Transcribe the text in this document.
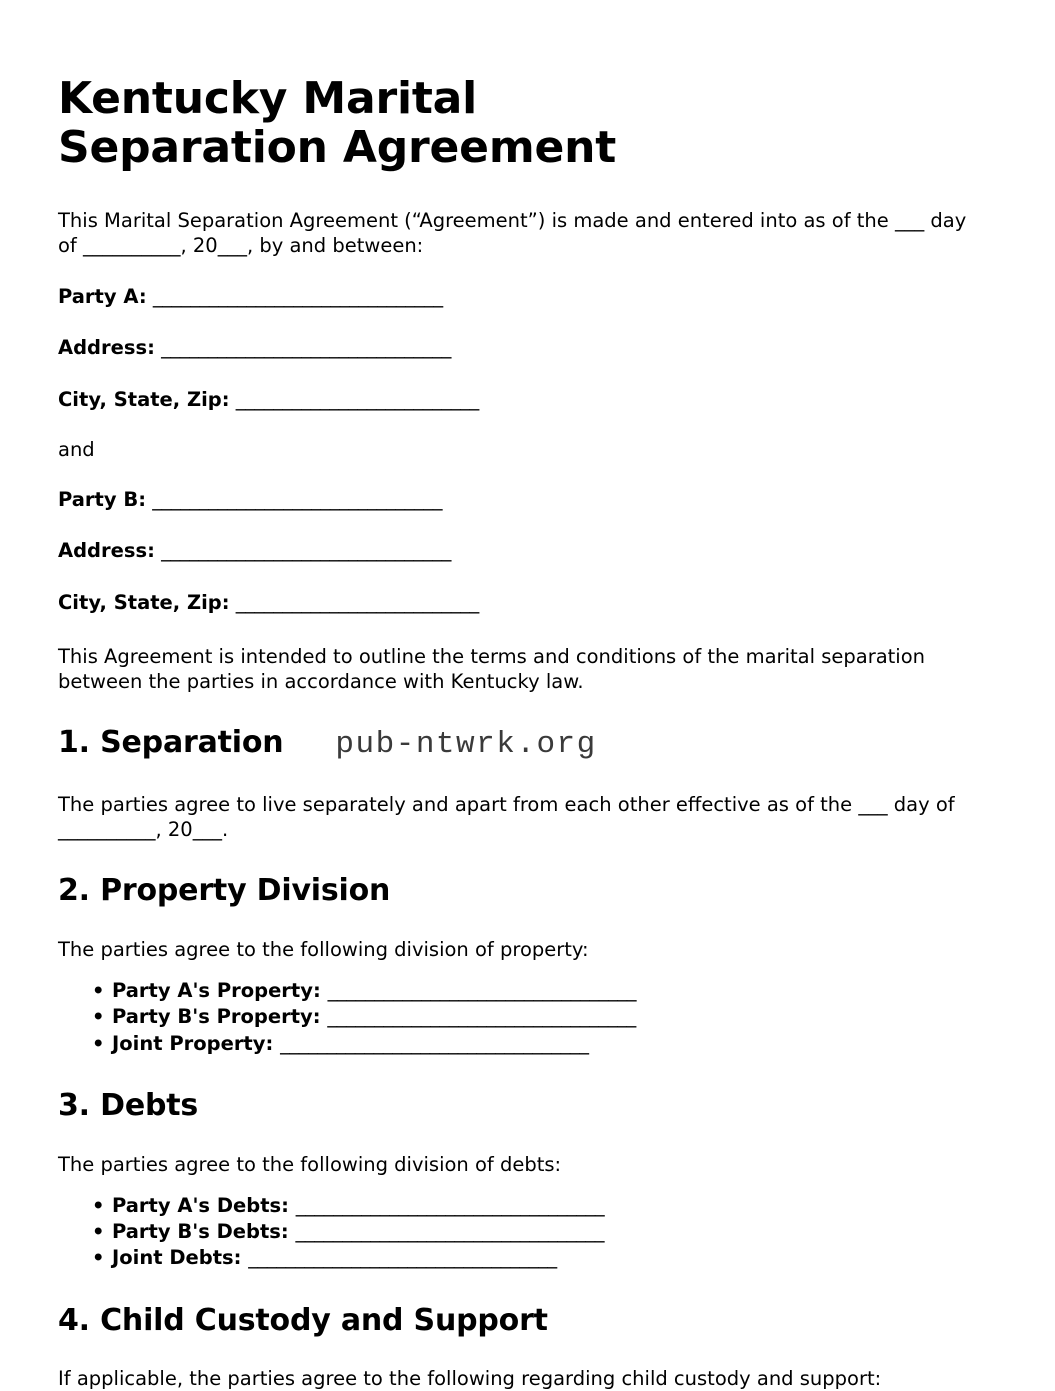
Kentucky Marital Separation Agreement

This Marital Separation Agreement (“Agreement”) is made and entered into as of the ___ day of __________, 20___, by and between:

Party A: _______________________________

Address: _______________________________

City, State, Zip: __________________________

and

Party B: _______________________________

Address: _______________________________

City, State, Zip: __________________________

This Agreement is intended to outline the terms and conditions of the marital separation between the parties in accordance with Kentucky law.

1. Separation pub-ntwrk.org

The parties agree to live separately and apart from each other effective as of the ___ day of __________, 20___.

2. Property Division

The parties agree to the following division of property:

• Party A's Property: _________________________________
• Party B's Property: _________________________________
• Joint Property: _________________________________
3. Debts

The parties agree to the following division of debts:

• Party A's Debts: _________________________________
• Party B's Debts: _________________________________
• Joint Debts: _________________________________
4. Child Custody and Support

If applicable, the parties agree to the following regarding child custody and support:
